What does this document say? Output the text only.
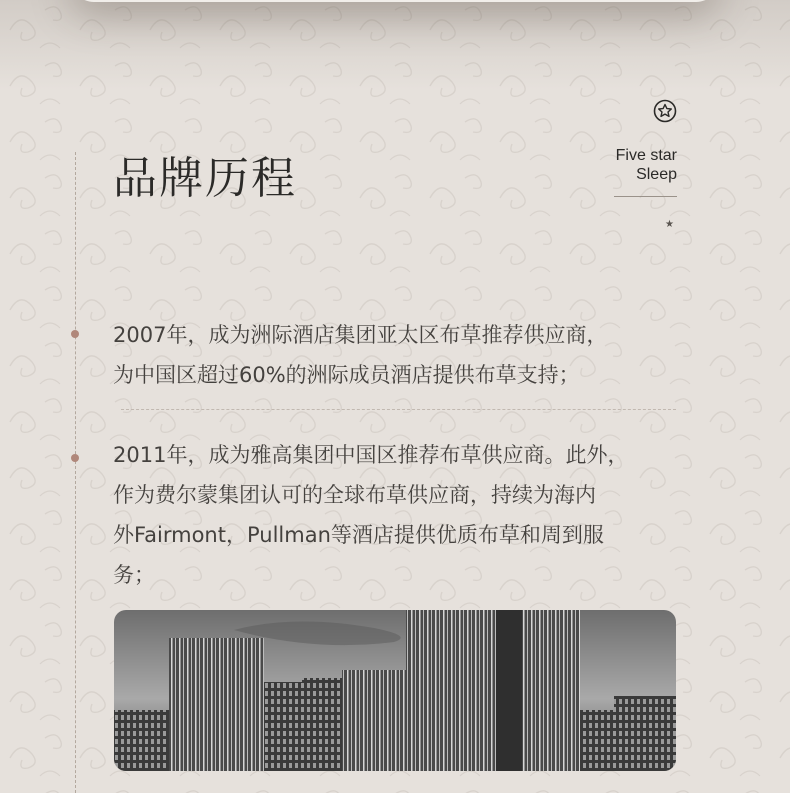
品牌历程	Five star
Sleep
★

2007年，成为洲际酒店集团亚太区布草推荐供应商，
为中国区超过60%的洲际成员酒店提供布草支持；

2011年，成为雅高集团中国区推荐布草供应商。此外，
作为费尔蒙集团认可的全球布草供应商，持续为海内
外Fairmont，Pullman等酒店提供优质布草和周到服
务；
